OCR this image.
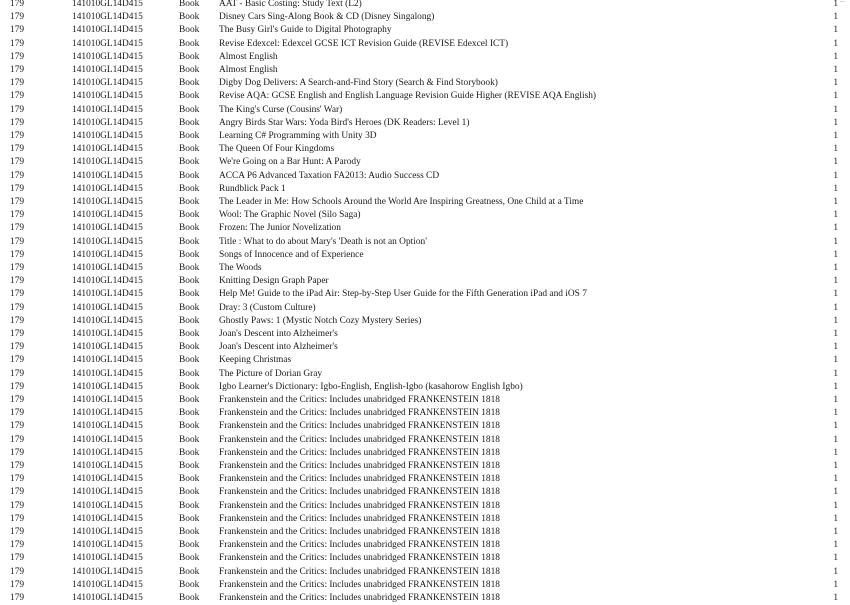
179	141010GL14D415	Book AAT - Basic Costing: Study Text (L2)	1
179	141010GL14D415	Book Disney Cars Sing-Along Book & CD (Disney Singalong)	1
179	141010GL14D415	Book The Busy Girl's Guide to Digital Photography	1
179	141010GL14D415	Book Revise Edexcel: Edexcel GCSE ICT Revision Guide (REVISE Edexcel ICT)	1
179	141010GL14D415	Book Almost English	1
179	141010GL14D415	Book Almost English	1
179	141010GL14D415	Book Digby Dog Delivers: A Search-and-Find Story (Search & Find Storybook)	1
179	141010GL14D415	Book Revise AQA: GCSE English and English Language Revision Guide Higher (REVISE AQA English)	1
179	141010GL14D415	Book The King's Curse (Cousins' War)	1
179	141010GL14D415	Book Angry Birds Star Wars: Yoda Bird's Heroes (DK Readers: Level 1)	1
179	141010GL14D415	Book Learning C# Programming with Unity 3D	1
179	141010GL14D415	Book The Queen Of Four Kingdoms	1
179	141010GL14D415	Book We're Going on a Bar Hunt: A Parody	1
179	141010GL14D415	Book ACCA P6 Advanced Taxation FA2013: Audio Success CD	1
179	141010GL14D415	Book Rundblick Pack 1	1
179	141010GL14D415	Book The Leader in Me: How Schools Around the World Are Inspiring Greatness, One Child at a Time	1
179	141010GL14D415	Book Wool: The Graphic Novel (Silo Saga)	1
179	141010GL14D415	Book Frozen: The Junior Novelization	1
179	141010GL14D415	Book Title : What to do about Mary's 'Death is not an Option'	1
179	141010GL14D415	Book Songs of Innocence and of Experience	1
179	141010GL14D415	Book The Woods	1
179	141010GL14D415	Book Knitting Design Graph Paper	1
179	141010GL14D415	Book Help Me! Guide to the iPad Air: Step-by-Step User Guide for the Fifth Generation iPad and iOS 7	1
179	141010GL14D415	Book Dray: 3 (Custom Culture)	1
179	141010GL14D415	Book Ghostly Paws: 1 (Mystic Notch Cozy Mystery Series)	1
179	141010GL14D415	Book Joan's Descent into Alzheimer's	1
179	141010GL14D415	Book Joan's Descent into Alzheimer's	1
179	141010GL14D415	Book Keeping Christmas	1
179	141010GL14D415	Book The Picture of Dorian Gray	1
179	141010GL14D415	Book Igbo Learner's Dictionary: Igbo-English, English-Igbo (kasahorow English Igbo)	1
179	141010GL14D415	Book Frankenstein and the Critics: Includes unabridged FRANKENSTEIN 1818	1
179	141010GL14D415	Book Frankenstein and the Critics: Includes unabridged FRANKENSTEIN 1818	1
179	141010GL14D415	Book Frankenstein and the Critics: Includes unabridged FRANKENSTEIN 1818	1
179	141010GL14D415	Book Frankenstein and the Critics: Includes unabridged FRANKENSTEIN 1818	1
179	141010GL14D415	Book Frankenstein and the Critics: Includes unabridged FRANKENSTEIN 1818	1
179	141010GL14D415	Book Frankenstein and the Critics: Includes unabridged FRANKENSTEIN 1818	1
179	141010GL14D415	Book Frankenstein and the Critics: Includes unabridged FRANKENSTEIN 1818	1
179	141010GL14D415	Book Frankenstein and the Critics: Includes unabridged FRANKENSTEIN 1818	1
179	141010GL14D415	Book Frankenstein and the Critics: Includes unabridged FRANKENSTEIN 1818	1
179	141010GL14D415	Book Frankenstein and the Critics: Includes unabridged FRANKENSTEIN 1818	1
179	141010GL14D415	Book Frankenstein and the Critics: Includes unabridged FRANKENSTEIN 1818	1
179	141010GL14D415	Book Frankenstein and the Critics: Includes unabridged FRANKENSTEIN 1818	1
179	141010GL14D415	Book Frankenstein and the Critics: Includes unabridged FRANKENSTEIN 1818	1
179	141010GL14D415	Book Frankenstein and the Critics: Includes unabridged FRANKENSTEIN 1818	1
179	141010GL14D415	Book Frankenstein and the Critics: Includes unabridged FRANKENSTEIN 1818	1
179	141010GL14D415	Book Frankenstein and the Critics: Includes unabridged FRANKENSTEIN 1818	1
